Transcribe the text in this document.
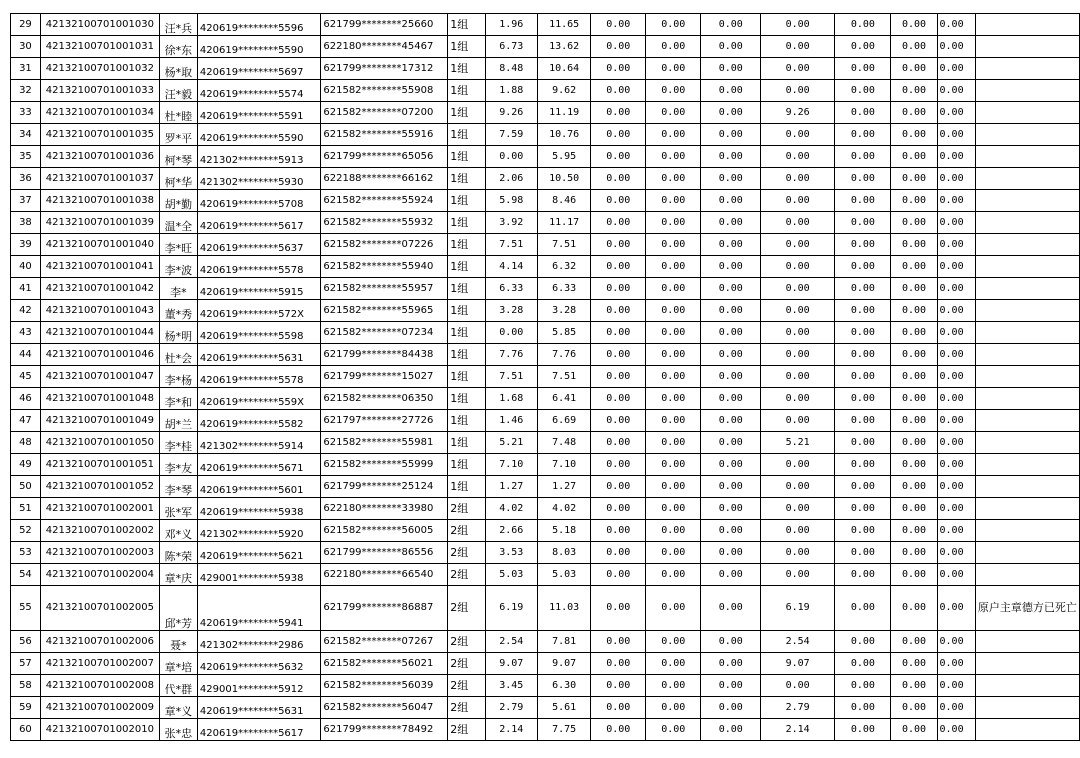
29	42132100701001030	汪*兵	420619********5596	621799********25660	1组	1.96	11.65	0.00	0.00	0.00	0.00	0.00	0.00	0.00	
30	42132100701001031	徐*东	420619********5590	622180********45467	1组	6.73	13.62	0.00	0.00	0.00	0.00	0.00	0.00	0.00	
31	42132100701001032	杨*取	420619********5697	621799********17312	1组	8.48	10.64	0.00	0.00	0.00	0.00	0.00	0.00	0.00	
32	42132100701001033	汪*毅	420619********5574	621582********55908	1组	1.88	9.62	0.00	0.00	0.00	0.00	0.00	0.00	0.00	
33	42132100701001034	杜*睦	420619********5591	621582********07200	1组	9.26	11.19	0.00	0.00	0.00	9.26	0.00	0.00	0.00	
34	42132100701001035	罗*平	420619********5590	621582********55916	1组	7.59	10.76	0.00	0.00	0.00	0.00	0.00	0.00	0.00	
35	42132100701001036	柯*琴	421302********5913	621799********65056	1组	0.00	5.95	0.00	0.00	0.00	0.00	0.00	0.00	0.00	
36	42132100701001037	柯*华	421302********5930	622188********66162	1组	2.06	10.50	0.00	0.00	0.00	0.00	0.00	0.00	0.00	
37	42132100701001038	胡*勤	420619********5708	621582********55924	1组	5.98	8.46	0.00	0.00	0.00	0.00	0.00	0.00	0.00	
38	42132100701001039	温*全	420619********5617	621582********55932	1组	3.92	11.17	0.00	0.00	0.00	0.00	0.00	0.00	0.00	
39	42132100701001040	李*旺	420619********5637	621582********07226	1组	7.51	7.51	0.00	0.00	0.00	0.00	0.00	0.00	0.00	
40	42132100701001041	李*波	420619********5578	621582********55940	1组	4.14	6.32	0.00	0.00	0.00	0.00	0.00	0.00	0.00	
41	42132100701001042	李*	420619********5915	621582********55957	1组	6.33	6.33	0.00	0.00	0.00	0.00	0.00	0.00	0.00	
42	42132100701001043	董*秀	420619********572X	621582********55965	1组	3.28	3.28	0.00	0.00	0.00	0.00	0.00	0.00	0.00	
43	42132100701001044	杨*明	420619********5598	621582********07234	1组	0.00	5.85	0.00	0.00	0.00	0.00	0.00	0.00	0.00	
44	42132100701001046	杜*会	420619********5631	621799********84438	1组	7.76	7.76	0.00	0.00	0.00	0.00	0.00	0.00	0.00	
45	42132100701001047	李*杨	420619********5578	621799********15027	1组	7.51	7.51	0.00	0.00	0.00	0.00	0.00	0.00	0.00	
46	42132100701001048	李*和	420619********559X	621582********06350	1组	1.68	6.41	0.00	0.00	0.00	0.00	0.00	0.00	0.00	
47	42132100701001049	胡*兰	420619********5582	621797********27726	1组	1.46	6.69	0.00	0.00	0.00	0.00	0.00	0.00	0.00	
48	42132100701001050	李*桂	421302********5914	621582********55981	1组	5.21	7.48	0.00	0.00	0.00	5.21	0.00	0.00	0.00	
49	42132100701001051	李*友	420619********5671	621582********55999	1组	7.10	7.10	0.00	0.00	0.00	0.00	0.00	0.00	0.00	
50	42132100701001052	李*琴	420619********5601	621799********25124	1组	1.27	1.27	0.00	0.00	0.00	0.00	0.00	0.00	0.00	
51	42132100701002001	张*军	420619********5938	622180********33980	2组	4.02	4.02	0.00	0.00	0.00	0.00	0.00	0.00	0.00	
52	42132100701002002	邓*义	421302********5920	621582********56005	2组	2.66	5.18	0.00	0.00	0.00	0.00	0.00	0.00	0.00	
53	42132100701002003	陈*荣	420619********5621	621799********86556	2组	3.53	8.03	0.00	0.00	0.00	0.00	0.00	0.00	0.00	
54	42132100701002004	章*庆	429001********5938	622180********66540	2组	5.03	5.03	0.00	0.00	0.00	0.00	0.00	0.00	0.00	
55	42132100701002005	邱*芳	420619********5941	621799********86887	2组	6.19	11.03	0.00	0.00	0.00	6.19	0.00	0.00	0.00	原户主章德方已死亡
56	42132100701002006	聂*	421302********2986	621582********07267	2组	2.54	7.81	0.00	0.00	0.00	2.54	0.00	0.00	0.00	
57	42132100701002007	章*培	420619********5632	621582********56021	2组	9.07	9.07	0.00	0.00	0.00	9.07	0.00	0.00	0.00	
58	42132100701002008	代*群	429001********5912	621582********56039	2组	3.45	6.30	0.00	0.00	0.00	0.00	0.00	0.00	0.00	
59	42132100701002009	章*义	420619********5631	621582********56047	2组	2.79	5.61	0.00	0.00	0.00	2.79	0.00	0.00	0.00	
60	42132100701002010	张*忠	420619********5617	621799********78492	2组	2.14	7.75	0.00	0.00	0.00	2.14	0.00	0.00	0.00	
